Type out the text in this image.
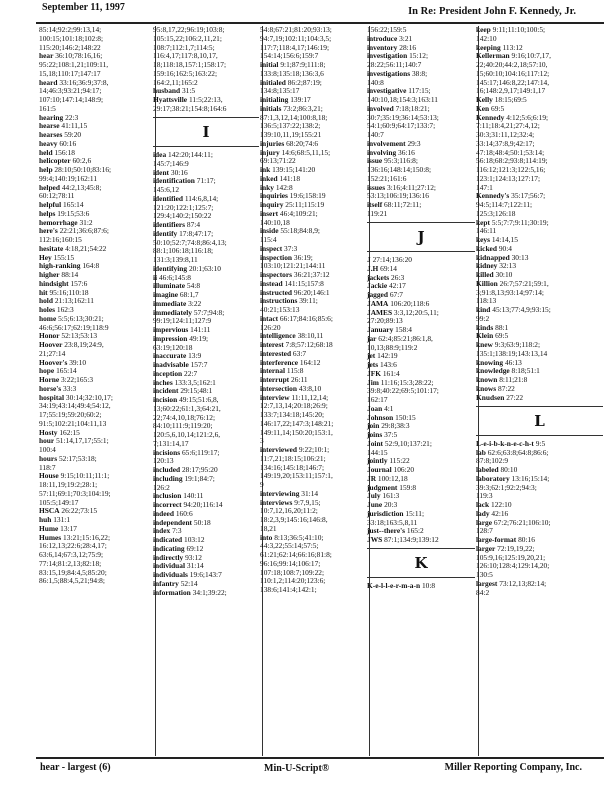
September 11, 1997	In Re: President John F. Kennedy, Jr.
85:14;92:2;99:13,14;
100:15;101:18;102:8;
115:20;146:2;148:22
hear 36:10;78:16,16;
95:22;108:1,21;109:11,
15,18;110:17;147:17
heard 33:16;36:9;37:8,
14;46:3;93:21;94:17;
107:10;147:14;148:9;
161:5
hearing 22:3
hearse 41:11,15
hearses 59:20
heavy 60:16
held 156:18
helicopter 60:2,6
help 28:10;50:10;83:16;
99:4;140:19;162:11
helped 44:2,13;45:8;
60:12;78:11
helpful 165:14
helps 19:15;53:6
hemorrhage 31:2
here's 22:21;36:6;87:6;
112:16;160:15
hesitate 4:18,21;54:22
Hey 155:15
high-ranking 164:8
higher 88:14
hindsight 157:6
hit 95:16;110:18
hold 21:13;162:11
holes 162:3
home 5:5;6:13;30:21;
46:6;56:17;62:19;118:9
Honor 52:13;53:13
Hoover 23:8,19;24:9,
21;27:14
Hoover's 39:10
hope 165:14
Horne 3:22;165:3
horse's 33:3
hospital 30:14;32:10,17;
34:19;43:14;49:4;54:12,
17;55:19;59:20;60:2;
91:5;102:21;104:11,13
Hosty 162:15
hour 51:14,17,17;55:1;
100:4
hours 52:17;53:18;
118:7
House 9:15;10:11;11:1;
18:11,19;19:2;28:1;
57:11;69:1;70:3;104:19;
105:5;149:17
HSCA 26:22;73:15
huh 131:1
Hume 13:17
Humes 13:21;15:16,22;
16:12,13;22:6;28:4,17;
63:6,14;67:3,12;75:9;
77:14;81:2,13;82:18;
83:15,19;84:4,5;85:20;
86:1,5;88:4,5,21;94:8;
95:8,17,22;96:19;103:8;
105:15,22;106:2,11,21;
108:7;112:1,7;114:5;
116:4,17;117:8,10,17,
18;118:18,157:1;158:17;
159:16;162:5;163:22;
164:2,11;165:2
husband 31:5
Hyattsville 11:5;22:13,
29:17;38:21;154:8;164:6
I
idea 142:20;144:11;
145:7;146:9
ident 30:16
identification 71:17;
145:6,12
identified 114:6,8,14;
121:20;122:1;125:7;
129:4;140:2;150:22
identifiers 87:4
identify 17:8;47:17;
50:10;52:7;74:8;86:4,13;
88:1;106:18;116:18;
131:3;139:8,11
identifying 20:1;63:10
ii 46:6;145:8
illuminate 54:8
imagine 68:1,7
immediate 3:22
immediately 57:7;94:8;
99:19;124:11;127:9
impervious 141:11
impression 49:19;
63:19;120:18
inaccurate 13:9
inadvisable 157:7
inception 22:7
inches 133:3,5;162:1
incident 29:15;48:1
incision 49:15;51:6,8,
13;60:22;61:1,3;64:21,
22;74:4,10,18;76:12;
84:10;111:9;119:20;
120:5,6,10,14;121:2,6,
7;131:14,17
incisions 65:6;119:17;
120:13
included 28:17;95:20
including 19:1;84:7;
126:2
inclusion 140:11
incorrect 94:20;116:14
indeed 160:6
independent 50:18
index 7:3
indicated 103:12
indicating 69:12
indirectly 93:12
individual 31:14
individuals 19:6;143:7
infantry 52:14
information 34:1;39:22;
54:8;67:21;81:20;93:13;
94:7,19;102:11;104:3,5;
117:7;118:4,17;146:19;
154:14;156:6;159:7
initial 9:1;87:9;111:8;
133:8;135:18;136:3,6
initialed 86:2;87:19;
134:8;135:17
initialing 139:17
initials 73:2;86:3,21;
87:1,3,12,14;100:8,18;
136:5;137:22;138:2;
139:10,11,19;155:21
injuries 68:20;74:6
injury 14:6;68:5,11,15;
69:13;71:22
ink 139:15;141:20
inked 141:18
inky 142:8
inquiries 19:6;158:19
inquiry 25:11;115:19
insert 46:4;109:21;
140:10,18
inside 55:18;84:8,9;
115:4
inspect 37:3
inspection 36:19;
103:10;121:21;144:11
inspectors 36:21;37:12
instead 141:15;157:8
instructed 96:20;146:1
instructions 39:11;
40:21;153:13
intact 66:17;84:16;85:6;
126:20
intelligence 38:10,11
interest 7:8;57:12;68:18
interested 63:7
interference 164:12
internal 115:8
interrupt 26:11
intersection 43:8,10
interview 11:11,12,14;
12:7,13,14;20:18;26:9;
133:7;134:18;145:20;
146:17,22;147:3;148:21;
149:11,14;150:20;153:1,
3
interviewed 9:22;10:1;
11:7,21;18:15;106:21;
134:16;145:18;146:7;
149:19,20;153:11;157:1,
9
interviewing 31:14
interviews 9:7,9,15;
10:7,12,16,20;11:2;
18:2,3,9;145:16;146:8,
18,21
into 8:13;36:5;41:10;
44:3,22;55:14;57:5;
61:21;62:14;66:16;81:8;
96:16;99:14;106:17;
107:18;108:7;109:22;
110:1,2;114:20;123:6;
138:6;141:4;142:1;
156:22;159:5
introduce 3:21
inventory 28:16
investigation 15:12;
28:22;56:11;140:7
investigations 38:8;
140:8
investigative 117:15;
140:10,18;154:3;163:11
involved 7:18;18:21;
30:7;35:19;36:14;53:13;
54:1;60:9;64:17;133:7;
140:7
involvement 29:3
involving 36:16
issue 95:3;116:8;
136:16;148:14;150:8;
152:21;161:6
issues 3:16;4:11;27:12;
53:13;106:19;136:16
itself 68:11;72:11;
119:21
J
J 27:14;136:20
J.H 69:14
jackets 26:3
Jackie 42:17
jagged 67:7
JAMA 106:20;118:6
JAMES 3:3,12;20:5,11;
27:20;89:13
January 158:4
jar 62:4;85:21;86:1,8,
10,13;88:9;119:2
jet 142:19
jets 143:6
JFK 161:4
Jim 11:16;15:3;28:22;
39:8;40:22;69:5;101:17;
162:17
Joan 4:1
Johnson 150:15
join 29:8;38:3
joins 37:5
Joint 52:9,10;137:21;
144:15
jointly 115:22
Journal 106:20
JR 100:12,18
judgment 159:8
July 161:3
June 20:3
jurisdiction 15:11;
33:18;163:5,8,11
just--there's 165:2
JWS 87:1;134:9;139:12
K
K-e-l-l-e-r-m-a-n 10:8
keep 9:11;11:10;100:5;
142:10
keeping 113:12
Kellerman 9:16;10:7,17,
22;40:20;44:2,18;57:10,
15;60:10;104:16;117:12;
145:17;146:8,22;147:14,
16;148:2,9,17;149:1,17
Kelly 18:15;69:5
Ken 69:5
Kennedy 4:12;5:6;6:19;
7:11;18:4,21;27:4,12;
30:3;31:11,12;32:4;
33:14;37:8,9;42:17;
47:18;48:4;50:1;53:14;
56:18;68:2;93:8;114:19;
116:12;121:3;122:5,16;
123:1;124:13;127:17;
147:1
Kennedy's 35:17;56:7;
94:5;114:7;122:11;
125:3;126:18
kept 5:5;7:7;9:11;30:19;
146:11
keys 14:14,15
kicked 90:4
kidnapped 30:13
kidney 32:13
killed 30:10
Killion 26:7;57:21;59:1,
3;91:8,13;93:14;97:14;
118:13
kind 45:13;77:4,9;93:15;
99:2
kinds 88:1
Klein 69:5
knew 9:3;63:9;118:2;
135:1;138:19;143:13,14
knowing 46:13
knowledge 8:18;51:1
known 8:11;21:8
knows 87:22
Knudsen 27:22
L
L-e-i-b-k-n-e-c-h-t 9:5
lab 62:6;63:8;64:8;86:6;
87:8;102:9
labeled 80:10
laboratory 13:16;15:14;
39:3;62:1;92:2;94:3;
119:3
lack 122:10
lady 42:16
large 67:2;76:21;106:10;
128:7
large-format 80:16
larger 72:19,19,22;
105:9,16;125:19,20,21;
126:10;128:4;129:14,20;
130:5
largest 73:12,13;82:14;
84:2
hear - largest (6)	Min-U-Script®	Miller Reporting Company, Inc.
